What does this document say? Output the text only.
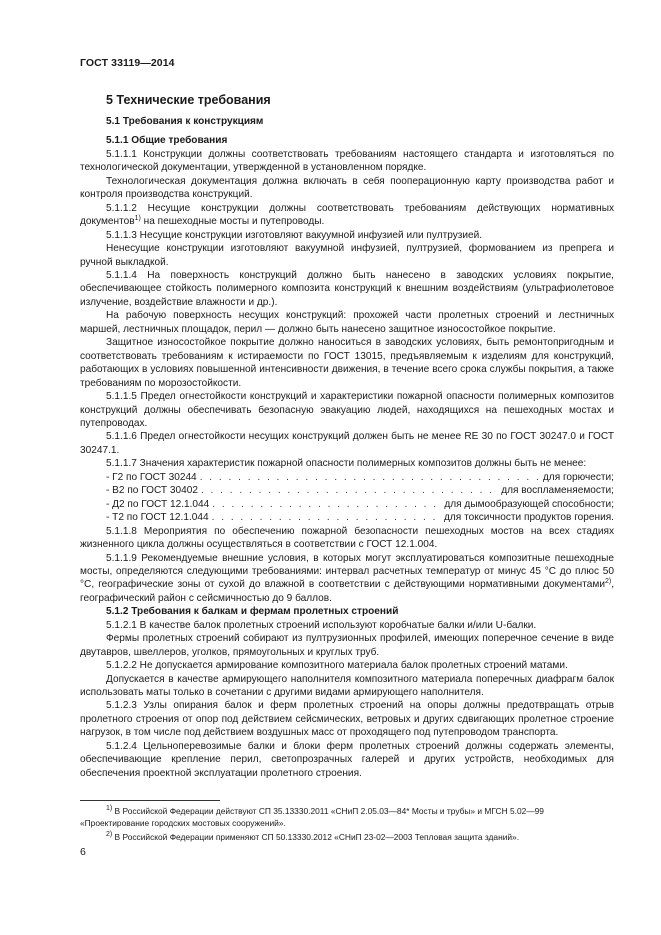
ГОСТ 33119—2014
5 Технические требования
5.1 Требования к конструкциям
5.1.1 Общие требования

5.1.1.1 Конструкции должны соответствовать требованиям настоящего стандарта и изготовляться по технологической документации, утвержденной в установленном порядке.

Технологическая документация должна включать в себя пооперационную карту производства работ и контроля производства конструкций.

5.1.1.2 Несущие конструкции должны соответствовать требованиям действующих нормативных документов$^{1)}$ на пешеходные мосты и путепроводы.

5.1.1.3 Несущие конструкции изготовляют вакуумной инфузией или пултрузией.

Ненесущие конструкции изготовляют вакуумной инфузией, пултрузией, формованием из препрега и ручной выкладкой.

5.1.1.4 На поверхность конструкций должно быть нанесено в заводских условиях покрытие, обеспечивающее стойкость полимерного композита конструкций к внешним воздействиям (ультрафиолетовое излучение, воздействие влажности и др.).

На рабочую поверхность несущих конструкций: прохожей части пролетных строений и лестничных маршей, лестничных площадок, перил — должно быть нанесено защитное износостойкое покрытие.

Защитное износостойкое покрытие должно наноситься в заводских условиях, быть ремонтопригодным и соответствовать требованиям к истираемости по ГОСТ 13015, предъявляемым к изделиям для конструкций, работающих в условиях повышенной интенсивности движения, в течение всего срока службы покрытия, а также требованиям по морозостойкости.

5.1.1.5 Предел огнестойкости конструкций и характеристики пожарной опасности полимерных композитов конструкций должны обеспечивать безопасную эвакуацию людей, находящихся на пешеходных мостах и путепроводах.

5.1.1.6 Предел огнестойкости несущих конструкций должен быть не менее RE 30 по ГОСТ 30247.0 и ГОСТ 30247.1.

5.1.1.7 Значения характеристик пожарной опасности полимерных композитов должны быть не менее:

- Г2 по ГОСТ 30244 . . .	для горючести;
- В2 по ГОСТ 30402 . . .	для воспламеняемости;
- Д2 по ГОСТ 12.1.044 . . .	для дымообразующей способности;
- Т2 по ГОСТ 12.1.044 . . .	для токсичности продуктов горения.

5.1.1.8 Мероприятия по обеспечению пожарной безопасности пешеходных мостов на всех стадиях жизненного цикла должны осуществляться в соответствии с ГОСТ 12.1.004.

5.1.1.9 Рекомендуемые внешние условия, в которых могут эксплуатироваться композитные пешеходные мосты, определяются следующими требованиями: интервал расчетных температур от минус 45 °С до плюс 50 °С, географические зоны от сухой до влажной в соответствии с действующими нормативными документами$^{2)}$, географический район с сейсмичностью до 9 баллов.

5.1.2 Требования к балкам и фермам пролетных строений

5.1.2.1 В качестве балок пролетных строений используют коробчатые балки и/или U-балки.

Фермы пролетных строений собирают из пултрузионных профилей, имеющих поперечное сечение в виде двутавров, швеллеров, уголков, прямоугольных и круглых труб.

5.1.2.2 Не допускается армирование композитного материала балок пролетных строений матами.

Допускается в качестве армирующего наполнителя композитного материала поперечных диафрагм балок использовать маты только в сочетании с другими видами армирующего наполнителя.

5.1.2.3 Узлы опирания балок и ферм пролетных строений на опоры должны предотвращать отрыв пролетного строения от опор под действием сейсмических, ветровых и других сдвигающих пролетное строение нагрузок, в том числе под действием воздушных масс от проходящего под путепроводом транспорта.

5.1.2.4 Цельноперевозимые балки и блоки ферм пролетных строений должны содержать элементы, обеспечивающие крепление перил, светопрозрачных галерей и других устройств, необходимых для обеспечения проектной эксплуатации пролетного строения.

$^{1)}$ В Российской Федерации действуют СП 35.13330.2011 «СНиП 2.05.03—84* Мосты и трубы» и МГСН 5.02—99 «Проектирование городских мостовых сооружений».

$^{2)}$ В Российской Федерации применяют СП 50.13330.2012 «СНиП 23-02—2003 Тепловая защита зданий».

6
